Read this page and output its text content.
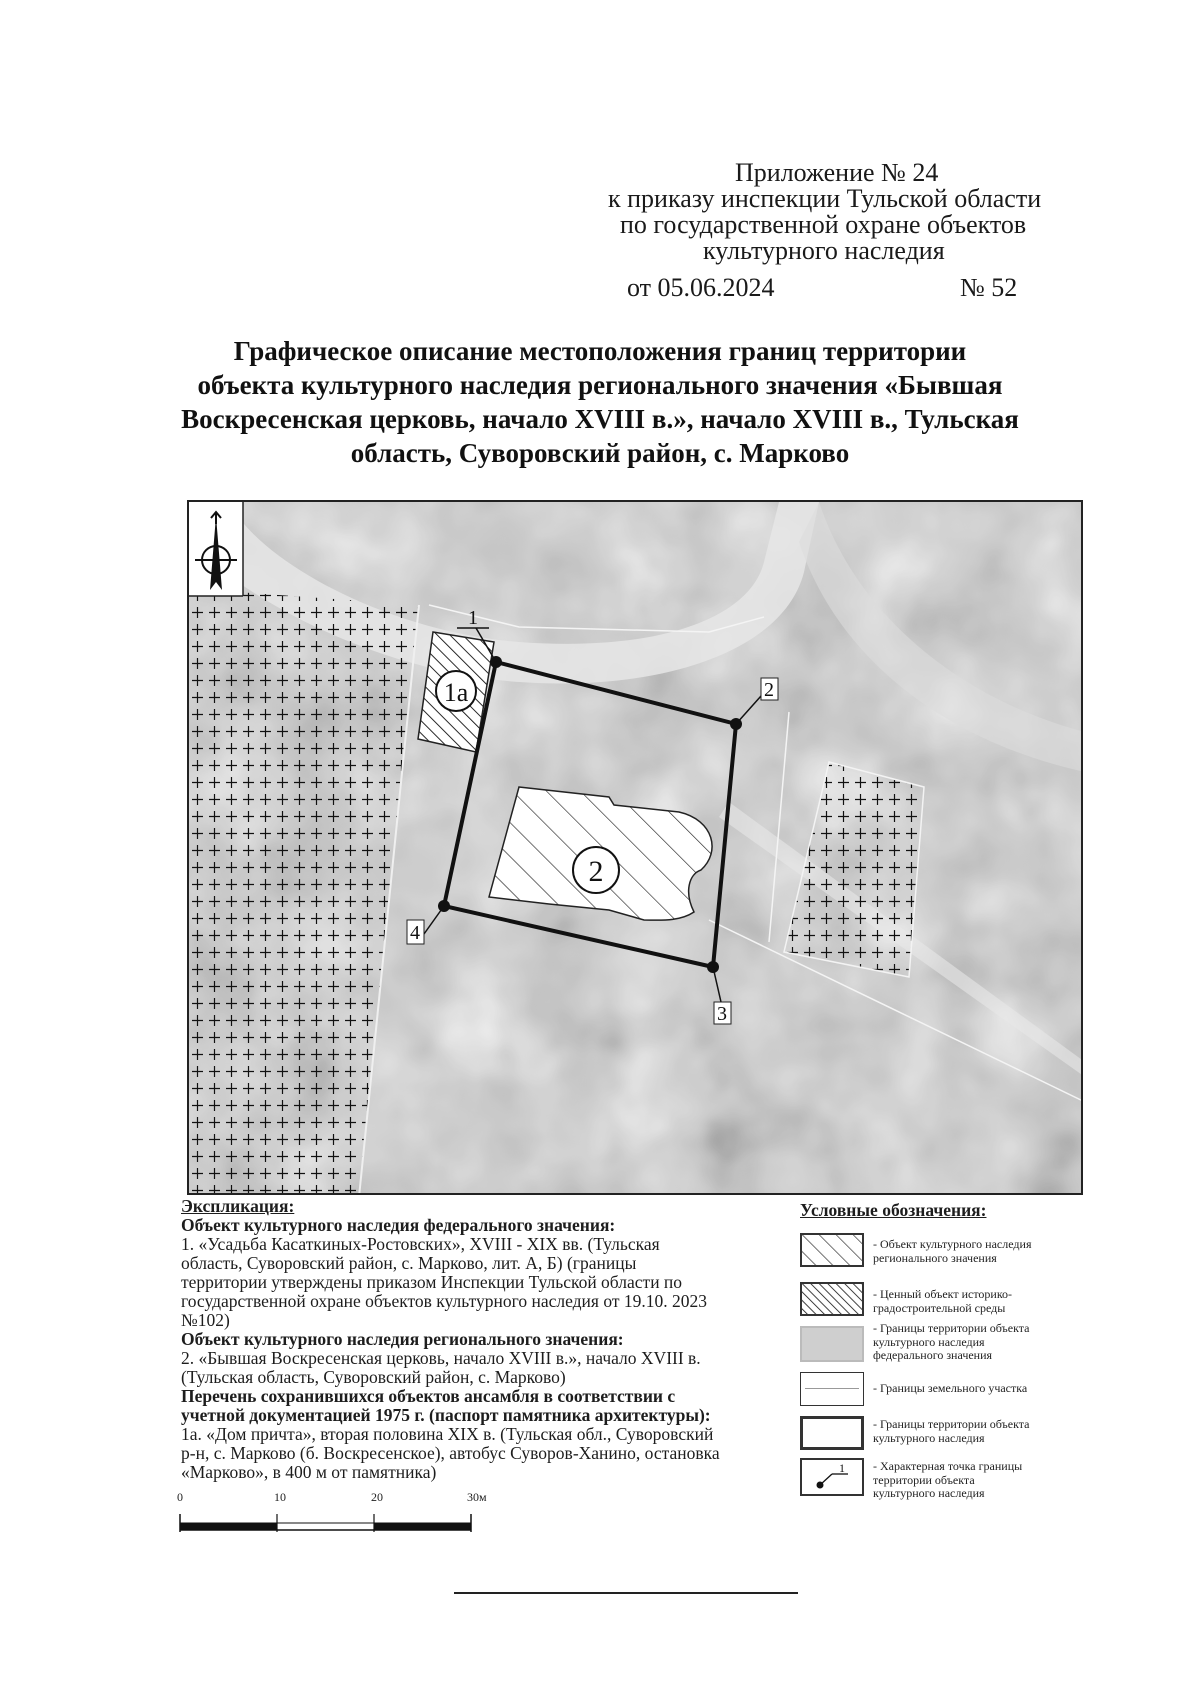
Приложение № 24
к приказу инспекции Тульской области
по государственной охране объектов
культурного наследия
от 05.06.2024	№ 52
Графическое описание местоположения границ территории
объекта культурного наследия регионального значения «Бывшая
Воскресенская церковь, начало XVIII в.», начало XVIII в., Тульская
область, Суворовский район, с. Марково
1а
2
1
2
3
4
Экспликация:
Объект культурного наследия федерального значения:
1. «Усадьба Касаткиных-Ростовских», XVIII - XIX вв. (Тульская
область, Суворовский район, с. Марково, лит. А, Б) (границы
территории утверждены приказом Инспекции Тульской области по
государственной охране объектов культурного наследия от 19.10. 2023
№102)
Объект культурного наследия регионального значения:
2. «Бывшая Воскресенская церковь, начало XVIII в.», начало XVIII в.
(Тульская область, Суворовский район, с. Марково)
Перечень сохранившихся объектов ансамбля в соответствии с
учетной документацией 1975 г. (паспорт памятника архитектуры):
1а. «Дом причта», вторая половина XIX в. (Тульская обл., Суворовский
р-н, с. Марково (б. Воскресенское), автобус Суворов-Ханино, остановка
«Марково», в 400 м от памятника)
Условные обозначения:
- Объект культурного наследия
регионального значения
- Ценный объект историко-
градостроительной среды
- Границы территории объекта
культурного наследия
федерального значения
- Границы земельного участка
- Границы территории объекта
культурного наследия
1 - Характерная точка границы
территории объекта
культурного наследия
0	10	20	30м
